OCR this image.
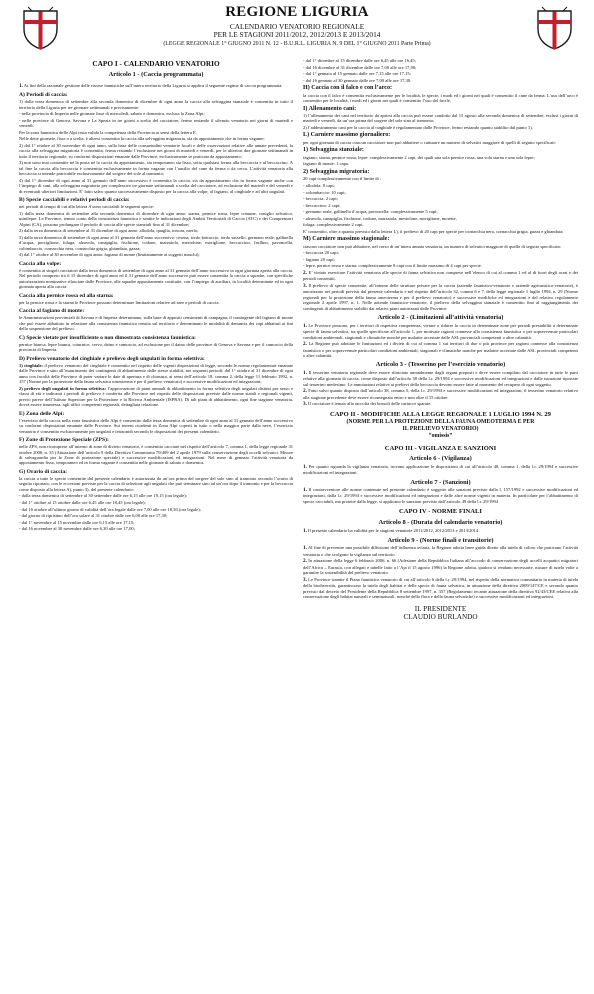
REGIONE LIGURIA
CALENDARIO VENATORIO REGIONALE
PER LE STAGIONI 2011/2012, 2012/2013 E 2013/2014
(LEGGE REGIONALE 1° GIUGNO 2011 N. 12 - B.U.R.L. LIGURIA N. 9 DEL 1° GIUGNO 2011 Parte Prima)
CAPO I - CALENDARIO VENATORIO
Articolo 1 - (Caccia programmata)

1. Ai fini della razionale gestione delle risorse faunistiche sull’intero territorio della Liguria si applica il seguente regime di caccia programmata:

A) Periodi di caccia:

1) dalla terza domenica di settembre alla seconda domenica di dicembre di ogni anno la caccia alla selvaggina stanziale è consentita in tutto il territorio della Liguria per tre giornate settimanali e precisamente:

- nella provincia di Imperia nelle giornate fisse di mercoledì, sabato e domenica, esclusa la Zona Alpi;

- nelle province di Genova, Savona e La Spezia in tre giorni a scelta del cacciatore, fermo restando il silenzio venatorio nei giorni di martedì e venerdì.

Per la zona faunistica delle Alpi resta valida la competenza della Provincia ai sensi della lettera E.

Nelle dette giornate, fisse o a scelta, è altresì consentita la caccia alla selvaggina migratoria, sia da appostamento che in forma vagante;

2) dal 1° ottobre al 30 novembre di ogni anno, sulla base delle consuetudini venatorie locali e delle osservazioni relative alle annate precedenti, la caccia alla selvaggina migratoria è consentita, ferma restando l’esclusione nei giorni di martedì e venerdì, per le ulteriori due giornate settimanali in tutto il territorio regionale, su conformi disposizioni emanate dalle Province, esclusivamente se praticata da appostamento;

3) non sono mai consentite né la posta né la caccia da appostamento, sia temporaneo sia fisso, sotto qualsiasi forma alla beccaccia e al beccaccino. A tal fine la caccia alla beccaccia è consentita esclusivamente in forma vagante con l’ausilio del cane da ferma o da cerca. L’attività venatoria alla beccaccia si intende praticabile esclusivamente dal sorgere del sole al tramonto;

4) dal 1° dicembre di ogni anno al 31 gennaio dell’anno successivo è consentita la caccia, sia da appostamento che in forma vagante anche con l’impiego di cani, alla selvaggina migratoria per complessive tre giornate settimanali a scelta del cacciatore, ad esclusione del martedì e del venerdì e di eventuali ulteriori limitazioni. E’ fatto salvo quanto successivamente disposto per la caccia alla volpe, al fagiano, al cinghiale e ad altri ungulati.

B) Specie cacciabili e relativi periodi di caccia:

nei periodi di tempo di cui alla lettera A sono cacciabili le seguenti specie:

1) dalla terza domenica di settembre alla seconda domenica di dicembre di ogni anno: starna, pernice rossa, lepre comune, coniglio selvatico, minilepre. Le Province, tenuto conto della consistenza faunistica e sentite le indicazioni degli Ambiti Territoriali di Caccia (ATC) e dei Comprensori Alpini (CA), possono prolungare il periodo di caccia alle specie stanziali fino al 31 dicembre;

2) dalla terza domenica di settembre al 31 dicembre di ogni anno: allodola, quaglia, tortora, merlo;

3) dalla terza domenica di settembre di ogni anno al 31 gennaio dell’anno successivo: cesena, tordo bottaccio, tordo sassello, germano reale, gallinella d’acqua, porciglione, folaga, alzavola, canapiglia, fischione, codone, marzaiola, mestolone, moriglione, beccaccino, frullino, pavoncella, colombaccio, cornacchia nera, cornacchia grigia, ghiandaia, gazza;

4) dal 1° ottobre al 30 novembre di ogni anno: fagiano di monte (limitatamente ai soggetti maschi);

Caccia alla volpe:

è consentita ai singoli cacciatori dalla terza domenica di settembre di ogni anno al 31 gennaio dell’anno successivo in ogni giornata aperta alla caccia. Nel periodo compreso tra il 15 dicembre di ogni anno ed il 31 gennaio dell’anno successivo può essere consentita la caccia a squadre, con specifiche autorizzazioni nominative rilasciate dalle Province, alle squadre appositamente costituite, con l’impiego di ausiliari, in località determinate ed in ogni giornata aperta alla caccia.

Caccia alla pernice rossa ed alla starna:

per la pernice rossa e la starna le Province possono determinare limitazioni relative ad aree e periodi di caccia.

Caccia al fagiano di monte:

le Amministrazioni provinciali di Savona e di Imperia determinano, sulla base di appositi censimenti di campagna, il contingente del fagiano di monte che può essere abbattuto in relazione alla consistenza faunistica censita sul territorio e determinano le modalità di denuncia dei capi abbattuti ai fini della sospensione del prelievo.

C) Specie vietate per insufficiente o non dimostrata consistenza faunistica:

pernice bianca, lepre bianca, coturnice, cervo, daino e camoscio, ad esclusione per il daino delle province di Genova e Savona e per il camoscio della provincia di Imperia.

D) Prelievo venatorio del cinghiale e prelievo degli ungulati in forma selettiva:

1) cinghiale: il prelievo venatorio del cinghiale è consentito nel rispetto delle vigenti disposizioni di legge, secondo le norme regolamentari emanate dalle Province e sino all’esaurimento dei contingenti di abbattimento dalle stesse stabiliti, nei seguenti periodi: dal 1° ottobre al 31 dicembre di ogni anno con facoltà delle Province di poter variare le date di apertura e di chiusura, ai sensi dell’articolo 18, comma 2, della legge 11 febbraio 1992, n. 157 (Norme per la protezione della fauna selvatica omeoterma e per il prelievo venatorio) e successive modificazioni ed integrazioni;

2) prelievo degli ungulati in forma selettiva: l’approvazione di piani annuali di abbattimento in forma selettiva degli ungulati distinti per sesso e classi di età e indicanti i periodi di prelievo è conferita alle Province nel rispetto delle disposizioni previste dalle norme statali e regionali vigenti, previo parere dell’Istituto Superiore per la Protezione e la Ricerca Ambientale (ISPRA). Di tali piani di abbattimento, ogni fine stagione venatoria, dovrà essere trasmessa, agli uffici competenti regionali, dettagliata relazione.

E) Zona delle Alpi:

l’esercizio della caccia nella zona faunistica delle Alpi è consentito dalla terza domenica di settembre di ogni anno al 31 gennaio dell’anno successivo su conformi disposizioni emanate dalle Province. Sui terreni ricadenti in Zona Alpi coperti in tutto o nella maggior parte dalla neve, l’esercizio venatorio è consentito esclusivamente per ungulati e tetraonidi secondo le disposizioni dei presenti calendario.

F) Zone di Protezione Speciale (ZPS):

nelle ZPS, non ricomprese all’interno di zone di divieto venatorio, è consentito cacciare nel rispetto dell’articolo 7, comma 1, della legge regionale 31 ottobre 2006, n. 35 (Attuazione dell’articolo 9 della Direttiva Comunitaria 79/409 del 2 aprile 1979 sulla conservazione degli uccelli selvatici. Misure di salvaguardia per le Zone di protezione speciale) e successive modificazioni ed integrazioni. Nel mese di gennaio l’attività venatoria da appostamento fisso, temporaneo ed in forma vagante è consentita nelle giornate di sabato e domenica.

G) Orario di caccia:

la caccia a tutte le specie consentite dal presente calendario è autorizzata da un’ora prima del sorgere del sole sino al tramonto secondo l’orario di seguito riportato, con le eccezioni previste per la caccia di selezione agli ungulati che può terminare sino ad un’ora dopo il tramonto e per la beccaccia come disposto alla lettera A), punto 3), del presente calendario:

- dalla terza domenica di settembre al 30 settembre dalle ore 6,15 alle ore 19,15 (ora legale);

- dal 1° ottobre al 15 ottobre dalle ore 6,45 alle ore 18,45 (ora legale);

- dal 16 ottobre all’ultimo giorno di validità dell’ora legale dalle ore 7,00 alle ore 18,30 (ora legale);

- dal giorno di ripristino dell’ora solare al 31 ottobre dalle ore 6,00 alle ore 17,30;

- dal 1° novembre al 15 novembre dalle ore 6,15 alle ore 17,15;

- dal 16 novembre al 30 novembre dalle ore 6,30 alle ore 17,00;

- dal 1° dicembre al 15 dicembre dalle ore 6,45 alle ore 16,45;

- dal 16 dicembre al 31 dicembre dalle ore 7,00 alle ore 17,00;

- dal 1° gennaio al 15 gennaio dalle ore 7,15 alle ore 17,15;

- dal 16 gennaio al 30 gennaio dalle ore 7,00 alle ore 17,30.

H) Caccia con il falco e con l’arco:

la caccia con il falco è consentita esclusivamente per le località, le specie, i modi ed i giorni nei quali è consentito il cane da ferma. L’uso dell’arco è consentito per le località, i modi ed i giorni nei quali è consentito l’uso del fucile.

I) Allenamento cani:

1) l’allenamento dei cani nel territorio da aprirsi alla caccia può essere condotto dal 15 agosto alla seconda domenica di settembre, esclusi i giorni di martedì e venerdì, da un’ora prima del sorgere del sole sino al tramonto;

2) l’addestramento cani per la caccia al cinghiale è regolamentato dalle Province, fermo restando quanto stabilito dal punto 1).

L) Carniere massimo giornaliero:

per ogni giornata di caccia ciascun cacciatore non può abbattere o catturare un numero di selvatici maggiore di quelli di seguito specificati:

1) Selvaggina stanziale:

fagiano, starna, pernice rossa, lepre: complessivamente 2 capi, dei quali una sola pernice rossa, una sola starna e una sola lepre;

fagiano di monte: 1 capo.

2) Selvaggina migratoria:

20 capi complessivamente con il limite di :

- allodola: 8 capi;

- colombaccio: 10 capi;

- beccaccia: 2 capi;

- beccaccino: 2 capi;

- germano reale, gallinella d’acqua, pavoncella: complessivamente 5 capi;

- alzavola, canapiglia, fischione, codone, marzaiola, mestolone, moriglione, morette,

folaga: complessivamente 2 capi.

E’ consentito, oltre a quanto previsto dalla lettera L), il prelievo di 20 capi per specie per cornacchia nera, cornacchia grigia, gazza e ghiandaia;

M) Carniere massimo stagionale:

ciascun cacciatore non può abbattere, nel corso di un’intera annata venatoria, un numero di selvatici maggiore di quello di seguito specificato:

- beccaccia 20 capi;

- fagiano 20 capi;

- lepre, pernice rossa e starna: complessivamente 8 capi con il limite massimo di 4 capi per specie.

2. E’ vietato esercitare l’attività venatoria alle specie di fauna selvatica non comprese nell’elenco di cui al comma 1 ed al di fuori degli orari e dei periodi consentiti.

3. Il prelievo di specie consentite, all’interno delle strutture private per la caccia (aziende faunistico-venatorie e aziende agrituristico-venatorie), è autorizzato nei periodi previsti dal presente calendario e nel rispetto dell’articolo 32, commi 6 e 7, della legge regionale 1 luglio 1994, n. 29 (Norme regionali per la protezione della fauna omeoterma e per il prelievo venatorio) e successive modifiche ed integrazioni e del relativo regolamento regionale 2 aprile 1997, n. 1. Nelle aziende faunistico-venatorie, il prelievo della selvaggina stanziale è consentito fino al raggiungimento dei contingenti di abbattimento stabiliti dai relativi piani autorizzati dalle Province.

Articolo 2 - (Limitazioni all’attività venatoria)

1. Le Province possono, per i territori di rispettiva competenza, vietare o ridurre la caccia in determinate zone per periodi prestabiliti a determinate specie di fauna selvatica, tra quelle specificate all’articolo 1, per motivate ragioni connesse alla consistenza faunistica o per sopravvenute particolari condizioni ambientali, stagionali e climatiche nonché per malattie accertate dalle ASL provinciali competenti o altre calamità.

2. La Regione può adottare le limitazioni ed i divieti di cui al comma 1 sui territori di due o più province per ragioni connesse alla consistenza faunistica o per sopravvenute particolari condizioni ambientali, stagionali e climatiche nonché per malattie accertate dalle ASL provinciali competenti o altre calamità.

Articolo 3 - (Tesserino per l’esercizio venatorio)

1. Il tesserino venatorio regionale deve essere rilasciato annualmente dagli organi preposti e deve essere compilato dal cacciatore in tutte le parti relative alla giornata di caccia, come disposto dall’articolo 38 della l.r. 29/1994 e successive modificazioni ed integrazioni e dalle istruzioni riportate sul tesserino medesimo. Le annotazioni relative ai prelievi della beccaccia devono essere fatte al momento del recupero di ogni soggetto.

2. Fatto salvo quanto disposto dall’articolo 38, comma 5, della l.r. 29/1994 e successive modificazioni ed integrazioni, il tesserino venatorio relativo alla stagione precedente deve essere riconsegnato entro e non oltre il 15 ottobre.

3. Il cacciatore è tenuto alla raccolta dei bossoli delle cartucce sparate.

CAPO II - MODIFICHE ALLA LEGGE REGIONALE 1 LUGLIO 1994 N. 29
(NORME PER LA PROTEZIONE DELLA FAUNA OMEOTERMA E PER
IL PRELIEVO VENATORIO)
“omissis”
CAPO III - VIGILANZA E SANZIONI
Articolo 6 - (Vigilanza)

1. Per quanto riguarda la vigilanza venatoria, trovano applicazione le disposizioni di cui all’articolo 48, comma 1, della l.r. 29/1994 e successive modificazioni ed integrazioni.

Articolo 7 - (Sanzioni)

1. Il contravventore alle norme contenute nel presente calendario è soggetto alle sanzioni previste dalla l. 157/1992 e successive modificazioni ed integrazioni, dalla l.r. 29/1994 e successive modificazioni ed integrazioni e dalle altre norme vigenti in materia. In particolare per l’abbattimento di specie cacciabili, ma protette dalla legge, si applicano le sanzioni previste dall’articolo 49 della l.r. 29/1994

CAPO IV - NORME FINALI
Articolo 8 - (Durata del calendario venatorio)

1. Il presente calendario ha validità per le stagioni venatorie 2011/2012, 2012/2013 e 2013/2014.

Articolo 9 - (Norme finali e transitorie)

1. Al fine di prevenire una possibile diffusione dell’influenza aviaria, la Regione adotta linee guida dirette alla tutela di coloro che praticano l’attività venatoria o che svolgono la vigilanza sul territorio.

2. In attuazione della legge 6 febbraio 2006, n. 66 (Adesione della Repubblica Italiana all’accordo di conservazione degli uccelli acquatici migratori dell’Africa – Eurasia, con allegati e tabelle fatto a l’Aja il 15 agosto 1996) la Regione adotta, qualora si rendano necessarie, misure di tutela volte a garantire la sostenibilità del prelievo venatorio.

3. Le Province tramite il Piano faunistico venatorio di cui all’articolo 6 della l.r. 29/1994, nel rispetto della normativa comunitaria in materia di tutela della biodiversità, garantiscono la tutela degli habitat e delle specie di fauna selvatica, in attuazione della direttiva 2009/147/CE e secondo quanto previsto dal decreto del Presidente della Repubblica 8 settembre 1997, n. 357 (Regolamento recante attuazione della direttiva 92/43/CEE relativa alla conservazione degli habitat naturali e seminaturali, nonché della flora e della fauna selvatiche) e successive modificazioni ed integrazioni.

IL PRESIDENTE
CLAUDIO BURLANDO
